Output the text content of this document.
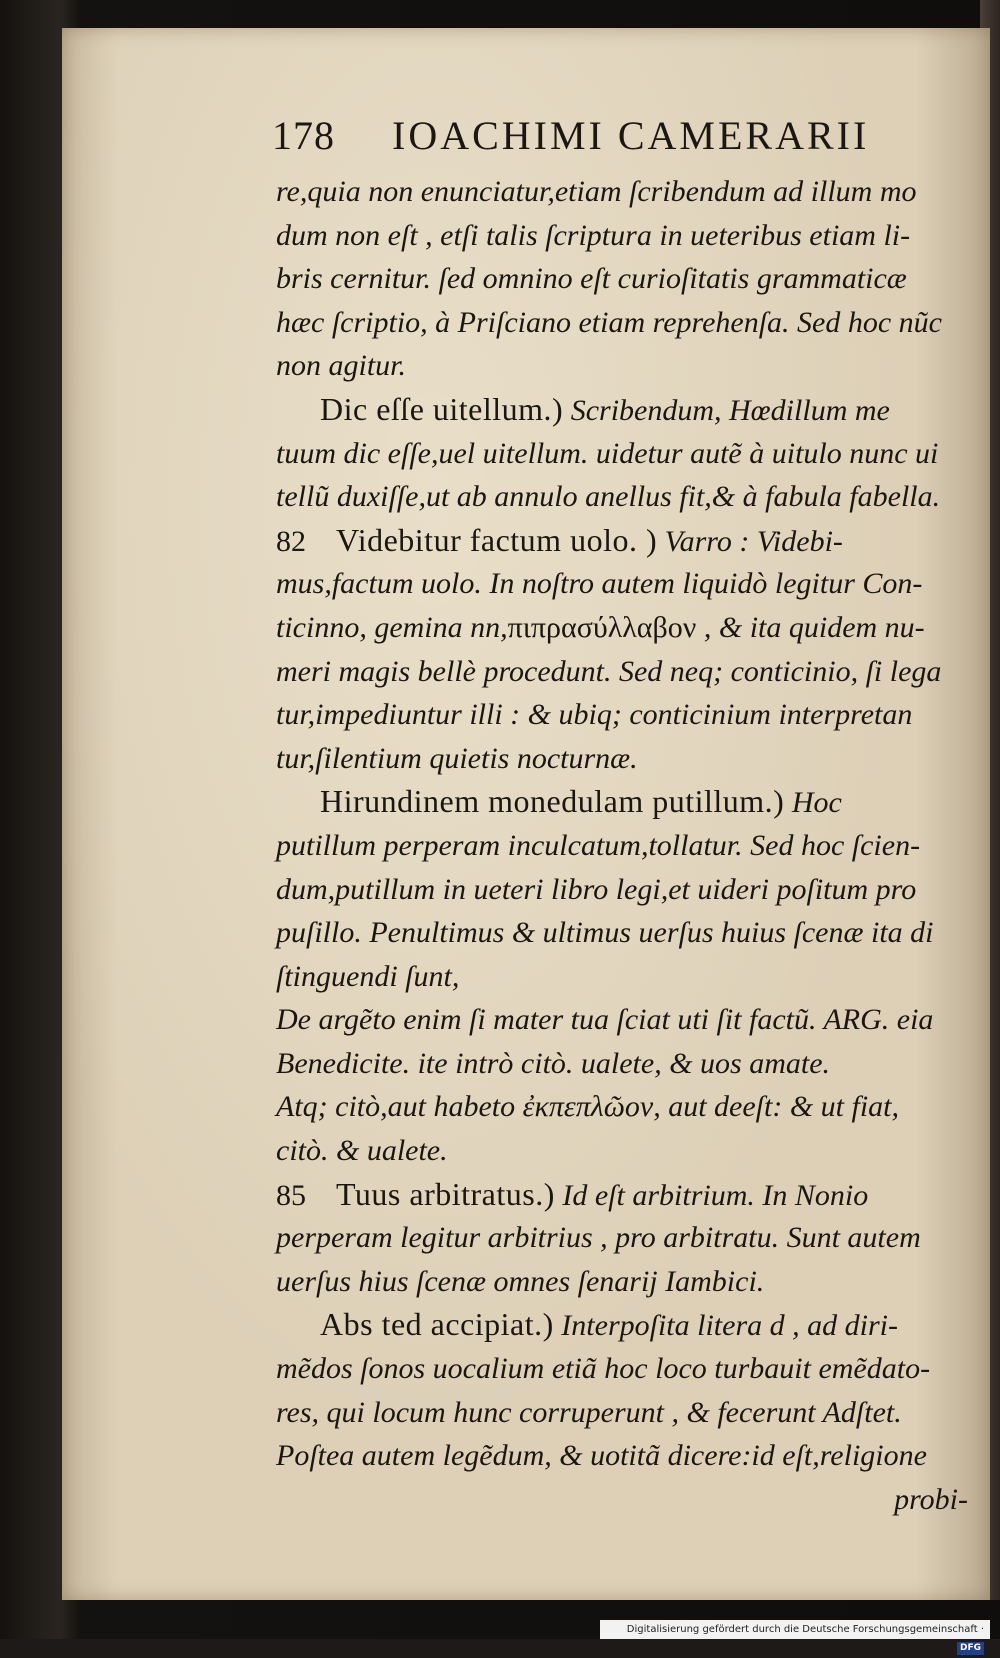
178 IOACHIMI CAMERARII
re,quia non enunciatur,etiam ſcribendum ad illum mo
dum non eſt , etſi talis ſcriptura in ueteribus etiam li-
bris cernitur. ſed omnino eſt curioſitatis grammaticæ
hæc ſcriptio, à Priſciano etiam reprehenſa. Sed hoc nũc
non agitur.
Dic eſſe uitellum.) Scribendum, Hœdillum me
tuum dic eſſe,uel uitellum. uidetur autẽ à uitulo nunc ui
tellũ duxiſſe,ut ab annulo anellus fit,& à fabula fabella.
82 Videbitur factum uolo. ) Varro : Videbi-
mus,factum uolo. In noſtro autem liquidò legitur Con-
ticinno, gemina nn,πιπρασύλλαβον , & ita quidem nu-
meri magis bellè procedunt. Sed neq; conticinio, ſi lega
tur,impediuntur illi : & ubiq; conticinium interpretan
tur,ſilentium quietis nocturnæ.
Hirundinem monedulam putillum.) Hoc
putillum perperam inculcatum,tollatur. Sed hoc ſcien-
dum,putillum in ueteri libro legi,et uideri poſitum pro
puſillo. Penultimus & ultimus uerſus huius ſcenæ ita di
ſtinguendi ſunt,
De argẽto enim ſi mater tua ſciat uti ſit factũ. ARG. eia
Benedicite. ite intrò citò. ualete, & uos amate.
Atq; citò,aut habeto ἐκπεπλῶον, aut deeſt: & ut fiat,
citò. & ualete.
85 Tuus arbitratus.) Id eſt arbitrium. In Nonio
perperam legitur arbitrius , pro arbitratu. Sunt autem
uerſus hius ſcenæ omnes ſenarij Iambici.
Abs ted accipiat.) Interpoſita litera d , ad diri-
mẽdos ſonos uocalium etiã hoc loco turbauit emẽdato-
res, qui locum hunc corruperunt , & fecerunt Adſtet.
Poſtea autem legẽdum, & uotitã dicere:id eſt,religione
probi-
Digitalisierung gefördert durch die Deutsche Forschungsgemeinschaft · DFG
